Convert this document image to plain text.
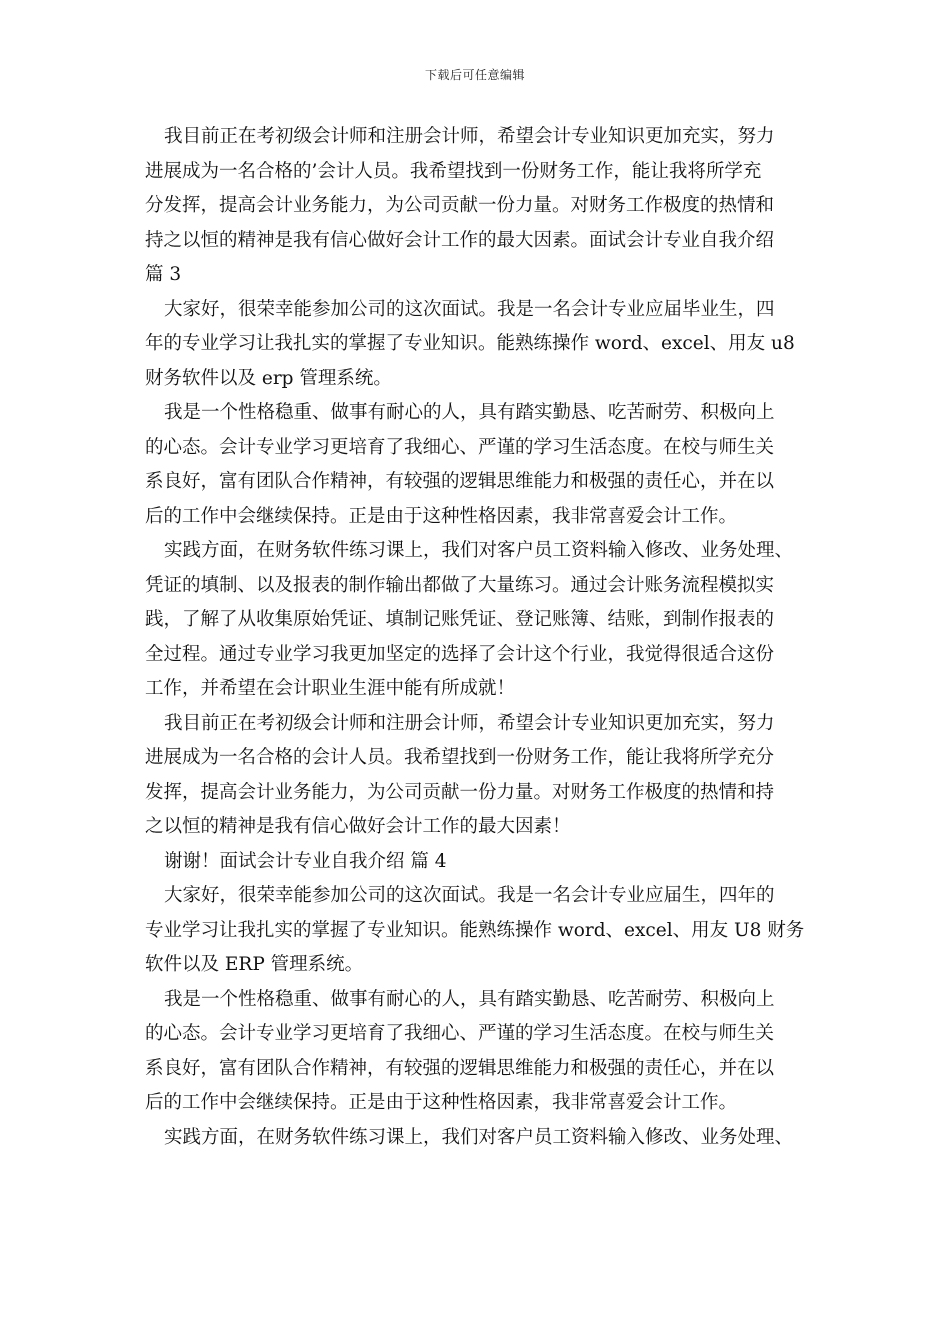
下载后可任意编辑
我目前正在考初级会计师和注册会计师，希望会计专业知识更加充实，努力
进展成为一名合格的’会计人员。我希望找到一份财务工作，能让我将所学充
分发挥，提高会计业务能力，为公司贡献一份力量。对财务工作极度的热情和
持之以恒的精神是我有信心做好会计工作的最大因素。面试会计专业自我介绍
篇 3
大家好，很荣幸能参加公司的这次面试。我是一名会计专业应届毕业生，四
年的专业学习让我扎实的掌握了专业知识。能熟练操作 word、excel、用友 u8
财务软件以及 erp 管理系统。
我是一个性格稳重、做事有耐心的人，具有踏实勤恳、吃苦耐劳、积极向上
的心态。会计专业学习更培育了我细心、严谨的学习生活态度。在校与师生关
系良好，富有团队合作精神，有较强的逻辑思维能力和极强的责任心，并在以
后的工作中会继续保持。正是由于这种性格因素，我非常喜爱会计工作。
实践方面，在财务软件练习课上，我们对客户员工资料输入修改、业务处理、
凭证的填制、以及报表的制作输出都做了大量练习。通过会计账务流程模拟实
践，了解了从收集原始凭证、填制记账凭证、登记账簿、结账，到制作报表的
全过程。通过专业学习我更加坚定的选择了会计这个行业，我觉得很适合这份
工作，并希望在会计职业生涯中能有所成就！
我目前正在考初级会计师和注册会计师，希望会计专业知识更加充实，努力
进展成为一名合格的会计人员。我希望找到一份财务工作，能让我将所学充分
发挥，提高会计业务能力，为公司贡献一份力量。对财务工作极度的热情和持
之以恒的精神是我有信心做好会计工作的最大因素！
谢谢！面试会计专业自我介绍 篇 4
大家好，很荣幸能参加公司的这次面试。我是一名会计专业应届生，四年的
专业学习让我扎实的掌握了专业知识。能熟练操作 word、excel、用友 U8 财务
软件以及 ERP 管理系统。
我是一个性格稳重、做事有耐心的人，具有踏实勤恳、吃苦耐劳、积极向上
的心态。会计专业学习更培育了我细心、严谨的学习生活态度。在校与师生关
系良好，富有团队合作精神，有较强的逻辑思维能力和极强的责任心，并在以
后的工作中会继续保持。正是由于这种性格因素，我非常喜爱会计工作。
实践方面，在财务软件练习课上，我们对客户员工资料输入修改、业务处理、
